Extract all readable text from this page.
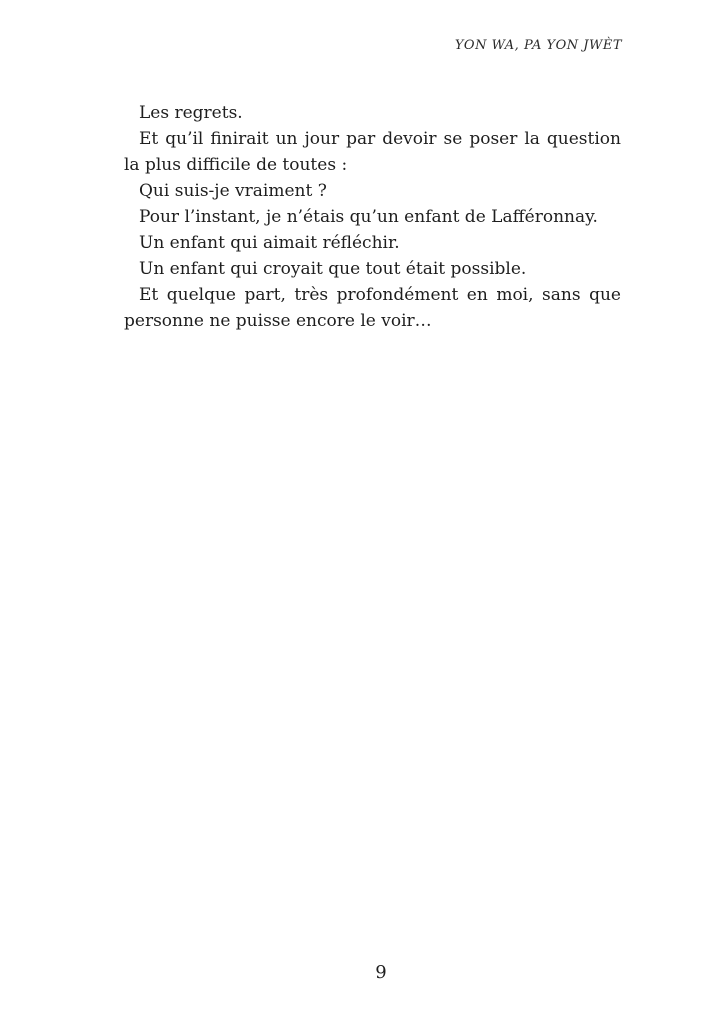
YON WA, PA YON JWÈT

Les regrets.

Et qu’il finirait un jour par devoir se poser la question la plus difficile de toutes :

Qui suis-je vraiment ?

Pour l’instant, je n’étais qu’un enfant de Lafféronnay.

Un enfant qui aimait réfléchir.

Un enfant qui croyait que tout était possible.

Et quelque part, très profondément en moi, sans que personne ne puisse encore le voir…

9
